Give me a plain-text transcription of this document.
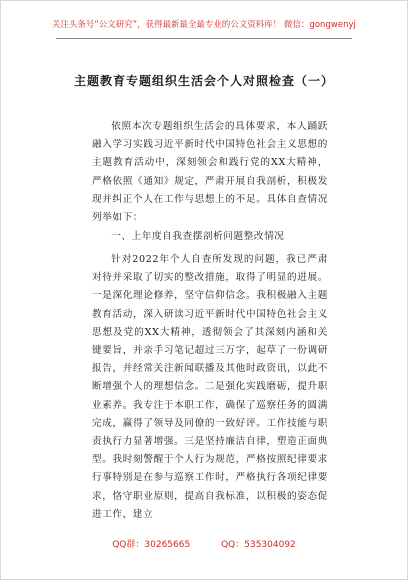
关注头条号“公文研究”，获得最新最全最专业的公文资料库！ 微信：gongwenyj
主题教育专题组织生活会个人对照检查（一）

依照本次专题组织生活会的具体要求，本人踊跃融入学习实践习近平新时代中国特色社会主义思想的主题教育活动中，深刻领会和践行党的XX大精神，严格依照《通知》规定，严肃开展自我剖析，积极发现并纠正个人在工作与思想上的不足。具体自查情况列举如下：

一、上年度自我查摆剖析问题整改情况

针对2022年个人自查所发现的问题，我已严肃对待并采取了切实的整改措施，取得了明显的进展。一是深化理论修养，坚守信仰信念。我积极融入主题教育活动，深入研读习近平新时代中国特色社会主义思想及党的XX大精神，透彻领会了其深刻内涵和关键要旨，并亲手习笔记超过三万字，起草了一份调研报告，并经常关注新闻联播及其他时政资讯，以此不断增强个人的理想信念。二是强化实践磨砺，提升职业素养。我专注于本职工作，确保了巡察任务的圆满完成，赢得了领导及同僚的一致好评。工作技能与职责执行力显著增强。三是坚持廉洁自律，塑造正面典型。我时刻警醒于个人行为规范，严格按照纪律要求行事特别是在参与巡察工作时，严格执行各项纪律要求，恪守职业原则，提高自我标准，以积极的姿态促进工作，建立

QQ群：30265665	QQ：535304092
